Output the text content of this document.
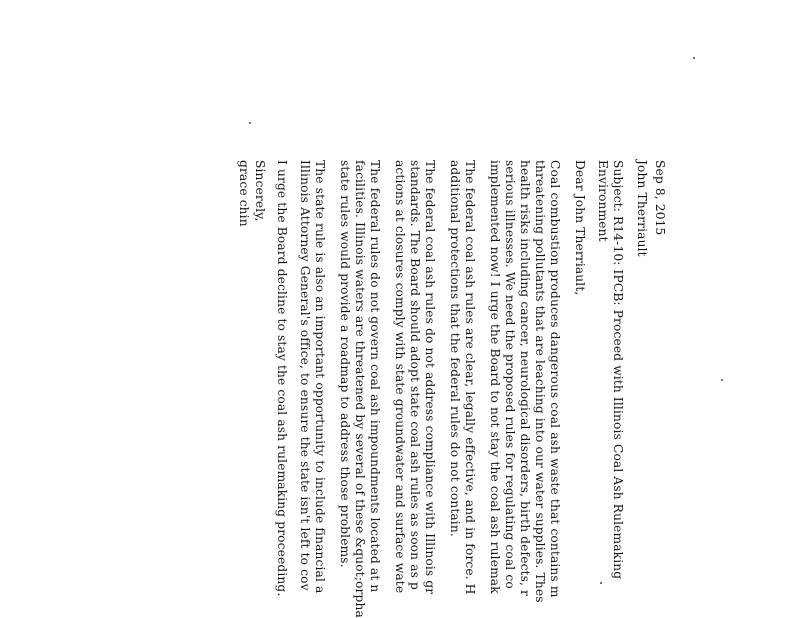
Sep 8, 2015
John Therriault
Subject: R14-10: IPCB: Proceed with Illinois Coal Ash Rulemaking
Environment
Dear John Therriault,
Coal combustion produces dangerous coal ash waste that contains m
threatening pollutants that are leaching into our water supplies. Thes
health risks including cancer, neurological disorders, birth defects, r
serious illnesses. We need the proposed rules for regulating coal co
implemented now! I urge the Board to not stay the coal ash rulemak
The federal coal ash rules are clear, legally effective, and in force. H
additional protections that the federal rules do not contain.
The federal coal ash rules do not address compliance with Illinois gr
standards. The Board should adopt state coal ash rules as soon as p
actions at closures comply with state groundwater and surface wate
The federal rules do not govern coal ash impoundments located at n
facilities. Illinois waters are threatened by several of these &quot;orpha
state rules would provide a roadmap to address those problems.
The state rule is also an important opportunity to include financial a
Illinois Attorney General's office, to ensure the state isn't left to cov
I urge the Board decline to stay the coal ash rulemaking proceeding.
Sincerely,
grace chin
